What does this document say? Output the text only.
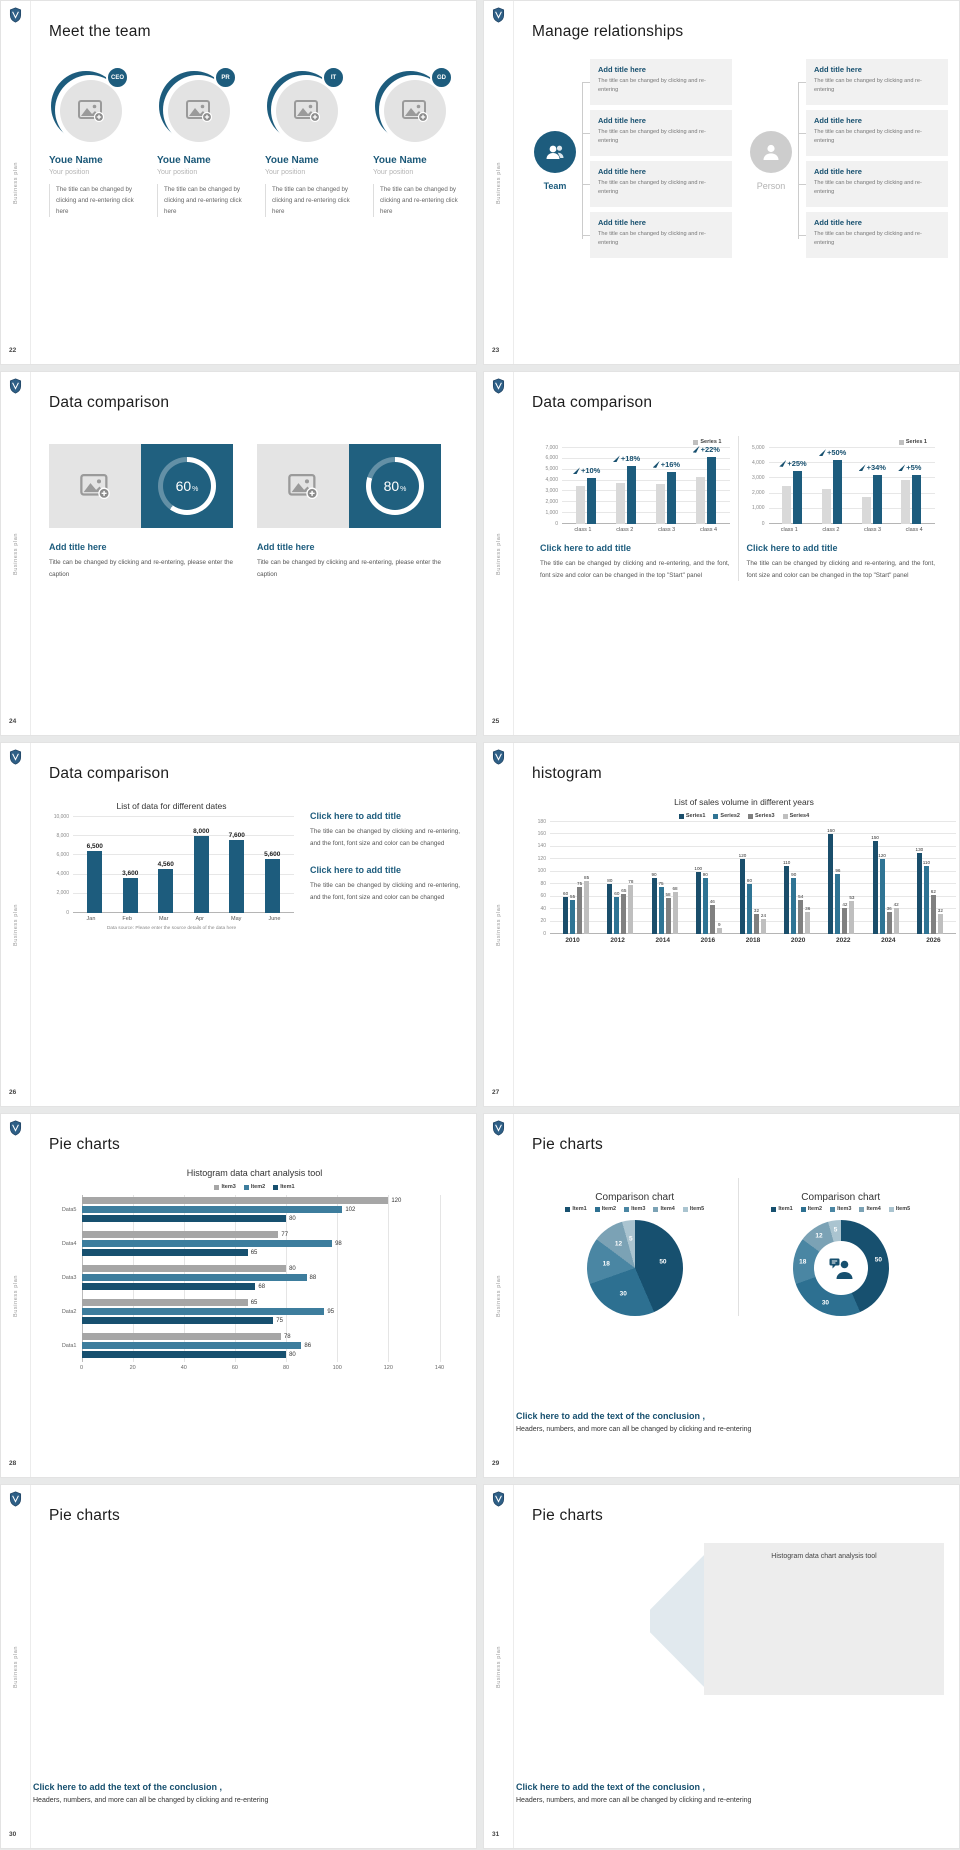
Business plan
22
Meet the team
CEO
Youe Name
Your position
The title can be changed by clicking and re-entering click here
PR
Youe Name
Your position
The title can be changed by clicking and re-entering click here
IT
Youe Name
Your position
The title can be changed by clicking and re-entering click here
GD
Youe Name
Your position
The title can be changed by clicking and re-entering click here
Business plan
23
Manage relationships
Team
Add title here
The title can be changed by clicking and re-entering
Add title here
The title can be changed by clicking and re-entering
Add title here
The title can be changed by clicking and re-entering
Add title here
The title can be changed by clicking and re-entering
Person
Add title here
The title can be changed by clicking and re-entering
Add title here
The title can be changed by clicking and re-entering
Add title here
The title can be changed by clicking and re-entering
Add title here
The title can be changed by clicking and re-entering
Business plan
24
Data comparison
60 %
Add title here
Title can be changed by clicking and re-entering, please enter the caption
80 %
Add title here
Title can be changed by clicking and re-entering, please enter the caption	Business plan
25
Data comparison
Series 1
0
1,000
2,000
3,000
4,000
5,000
6,000
7,000
+10%
+18%
+16%
+22%
class 1	class 2	class 3	class 4
Click here to add title
The title can be changed by clicking and re-entering, and the font, font size and color can be changed in the top "Start" panel
Series 1
0
1,000
2,000
3,000
4,000
5,000
+25%
+50%
+34%	+5%
class 1	class 2	class 3	class 4
Click here to add title
The title can be changed by clicking and re-entering, and the font, font size and color can be changed in the top "Start" panel
Business plan
26
Data comparison
List of data for different dates
0
2,000
4,000
6,000
8,000
10,000
6,500
3,600
4,560
8,000
7,600
5,600
Jan	Feb	Mar	Apr	May	June
Data source: Please enter the source details of the data here
Click here to add title
The title can be changed by clicking and re-entering, and the font, font size and color can be changed
Click here to add title
The title can be changed by clicking and re-entering, and the font, font size and color can be changed
Business plan
27
histogram
List of sales volume in different years
Series1	Series2	Series3	Series4
0
20
40
60
80
100
120
140
160
180
60
55
75
85
80
60
65
78
90
75
58
68
100
90
46
9
120
80
32
24
110
90
54
36
160
96
42
53
150
120
36
42
130
110
62
32
2010	2012	2014	2016	2018	2020	2022	2024	2026
Business plan
28
Pie charts
Histogram data chart analysis tool
Item3	Item2	Item1
Data5
120
102
80
Data4
77
98
65
Data3
80
88
68
Data2
65
95
75
Data1
78
86
80
0	20	40	60	80	100	120	140
Business plan
29
Pie charts
Comparison chart
Item1	Item2	Item3	Item4	Item5
50
30
18
12
5
Comparison chart
Item1	Item2	Item3	Item4	Item5
50
30
18
12
5
Click here to add the text of the conclusion ,
Headers, numbers, and more can all be changed by clicking and re-entering
Business plan
30
Pie charts
Click here to add the text of the conclusion ,
Headers, numbers, and more can all be changed by clicking and re-entering
Business plan
31
Pie charts
Histogram data chart analysis tool
Click here to add the text of the conclusion ,
Headers, numbers, and more can all be changed by clicking and re-entering
